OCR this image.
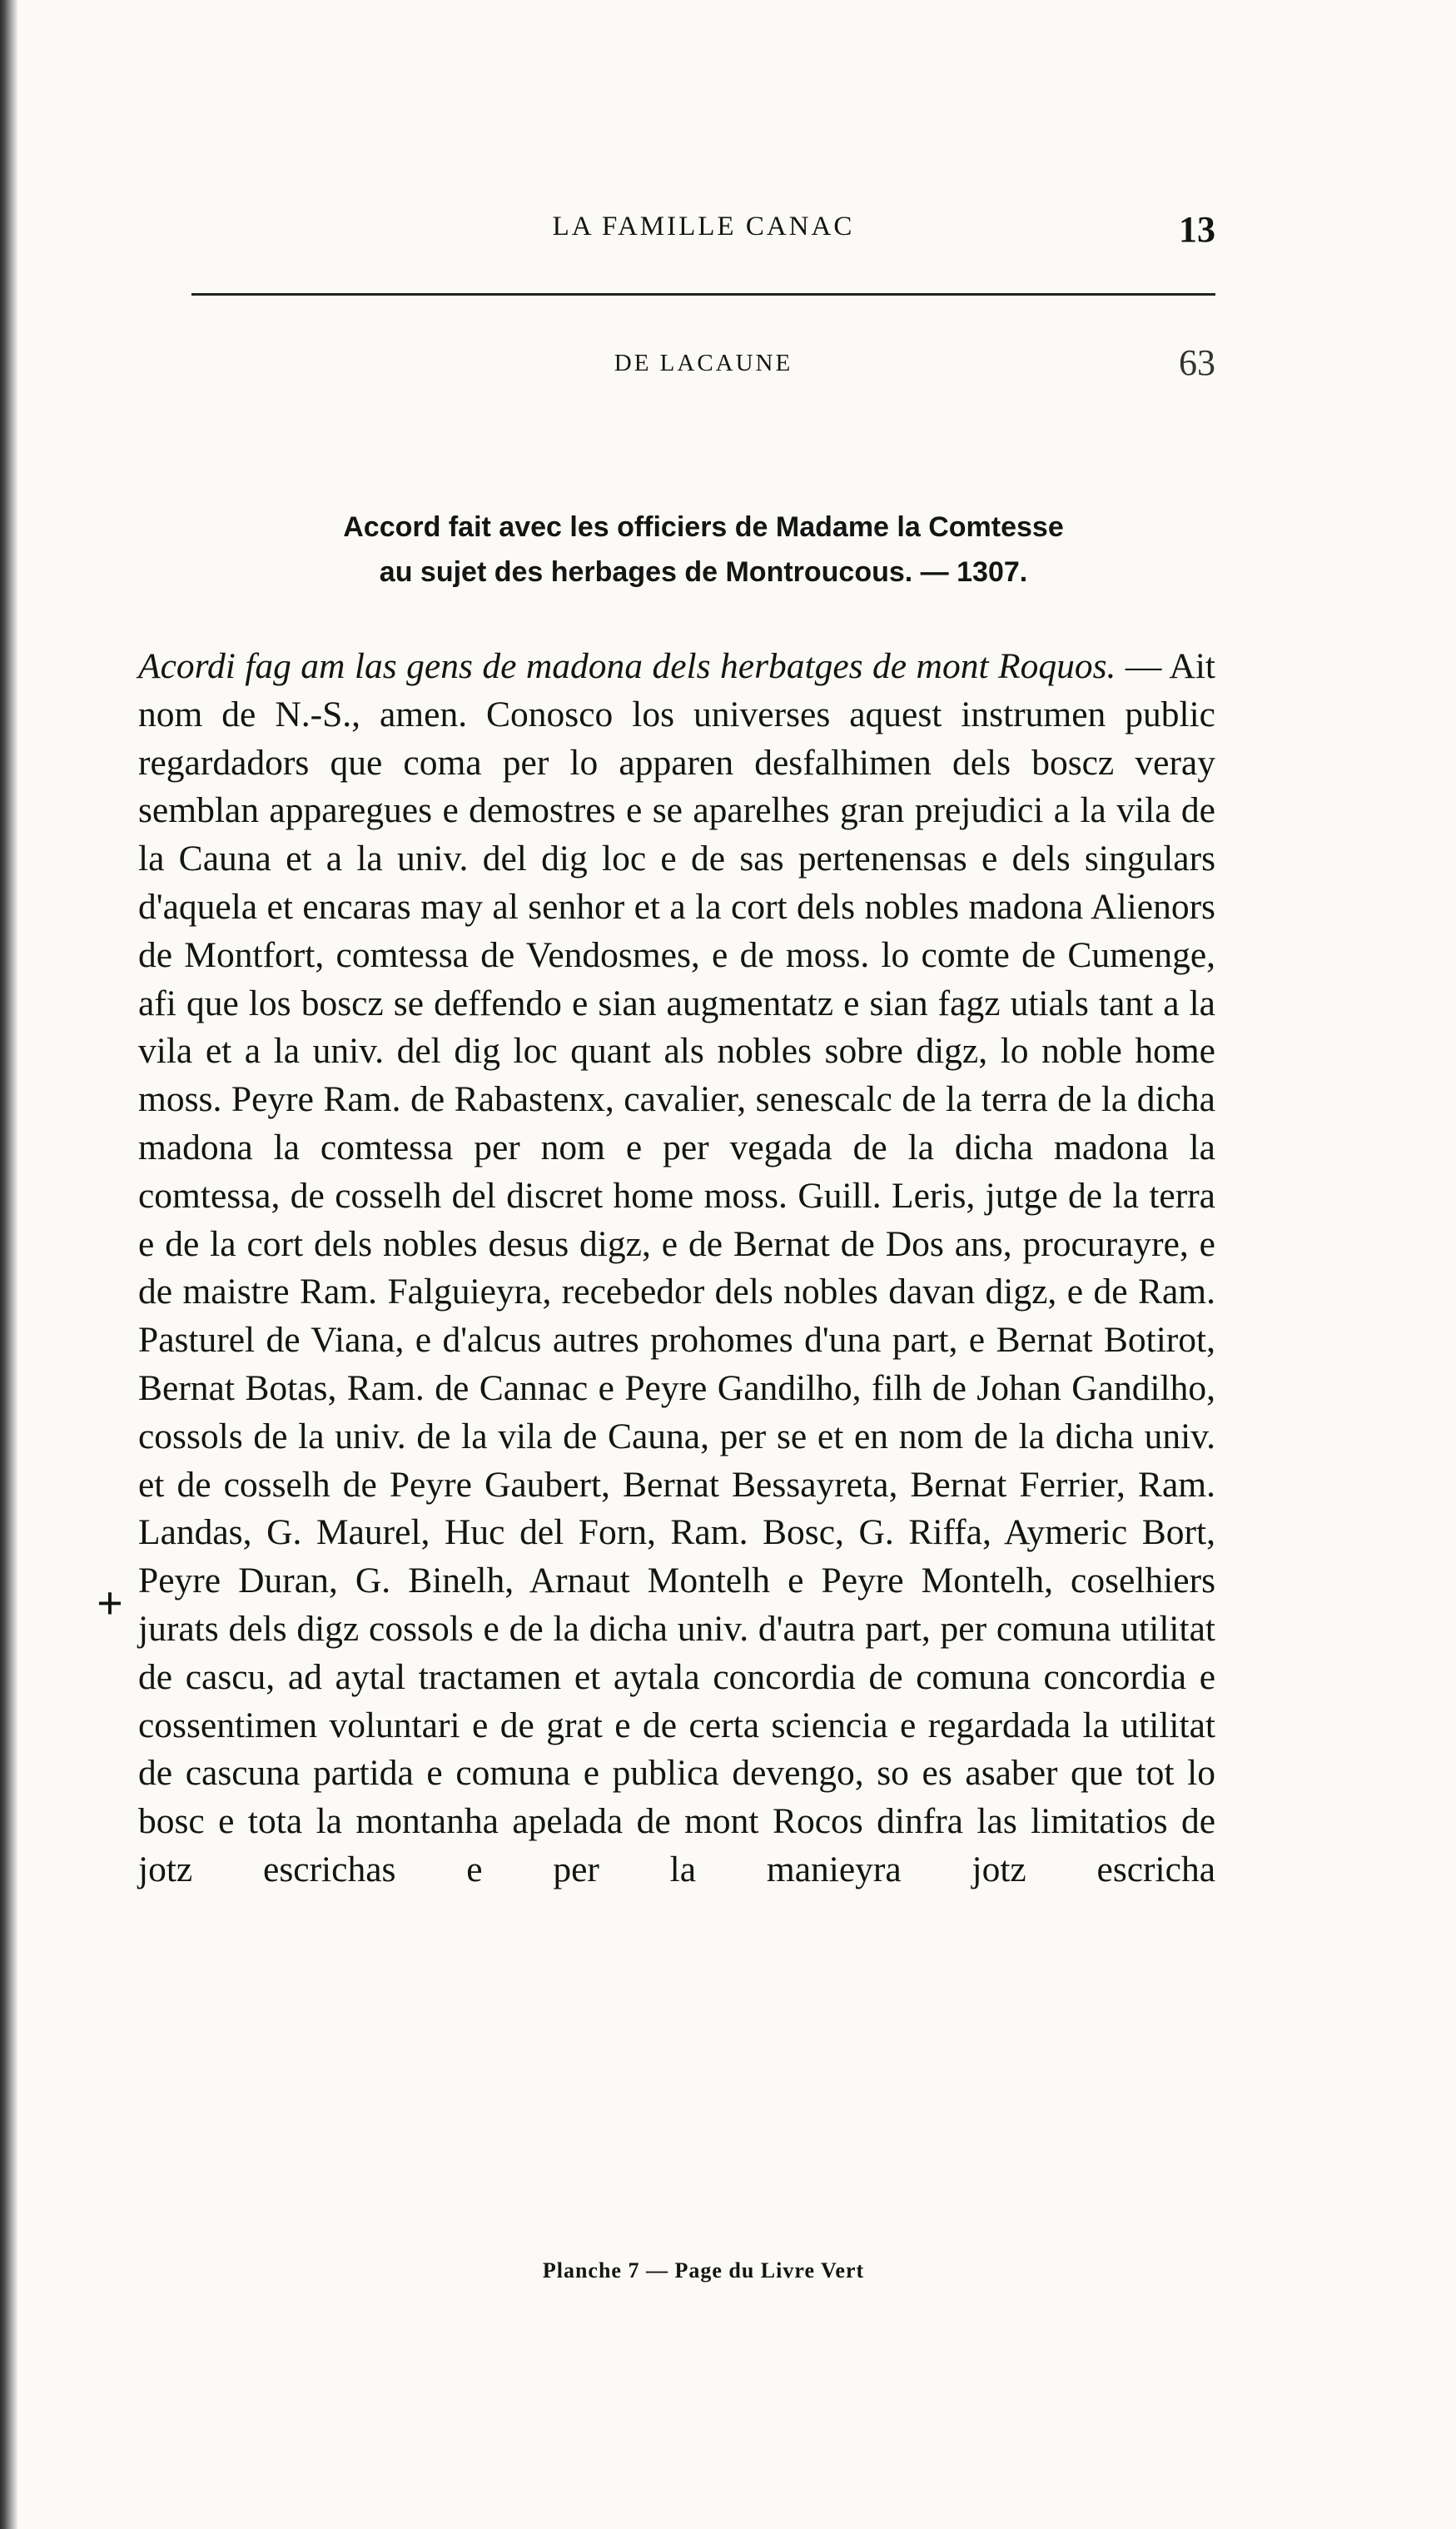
LA FAMILLE CANAC	13
DE LACAUNE	63
Accord fait avec les officiers de Madame la Comtesse
au sujet des herbages de Montroucous. — 1307.
+

Acordi fag am las gens de madona dels herbatges de mont Roquos. — Ait nom de N.-S., amen. Conosco los universes aquest instrumen public regardadors que coma per lo apparen desfalhimen dels boscz veray semblan apparegues e demostres e se aparelhes gran prejudici a la vila de la Cauna et a la univ. del dig loc e de sas pertenensas e dels singulars d'aquela et encaras may al senhor et a la cort dels nobles madona Alienors de Montfort, comtessa de Vendosmes, e de moss. lo comte de Cumenge, afi que los boscz se deffendo e sian augmentatz e sian fagz utials tant a la vila et a la univ. del dig loc quant als nobles sobre digz, lo noble home moss. Peyre Ram. de Rabastenx, cavalier, senescalc de la terra de la dicha madona la comtessa per nom e per vegada de la dicha madona la comtessa, de cosselh del discret home moss. Guill. Leris, jutge de la terra e de la cort dels nobles desus digz, e de Bernat de Dos ans, procurayre, e de maistre Ram. Falguieyra, recebedor dels nobles davan digz, e de Ram. Pasturel de Viana, e d'alcus autres prohomes d'una part, e Bernat Botirot, Bernat Botas, Ram. de Cannac e Peyre Gandilho, filh de Johan Gandilho, cossols de la univ. de la vila de Cauna, per se et en nom de la dicha univ. et de cosselh de Peyre Gaubert, Bernat Bessayreta, Bernat Ferrier, Ram. Landas, G. Maurel, Huc del Forn, Ram. Bosc, G. Riffa, Aymeric Bort, Peyre Duran, G. Binelh, Arnaut Montelh e Peyre Montelh, coselhiers jurats dels digz cossols e de la dicha univ. d'autra part, per comuna utilitat de cascu, ad aytal tractamen et aytala concordia de comuna concordia e cossentimen voluntari e de grat e de certa sciencia e regardada la utilitat de cascuna partida e comuna e publica devengo, so es asaber que tot lo bosc e tota la montanha apelada de mont Rocos dinfra las limitatios de jotz escrichas e per la manieyra jotz escricha

Planche 7 — Page du Livre Vert
